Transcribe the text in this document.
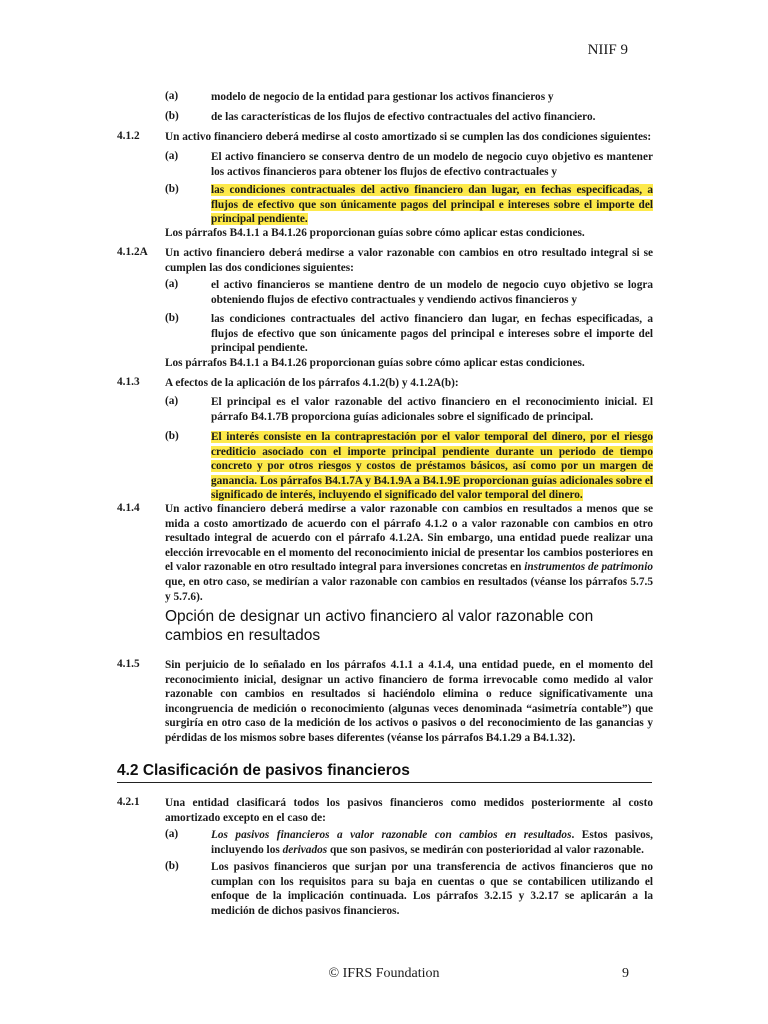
NIIF 9
(a)	modelo de negocio de la entidad para gestionar los activos financieros y
(b)	de las características de los flujos de efectivo contractuales del activo financiero.
4.1.2 Un activo financiero deberá medirse al costo amortizado si se cumplen las dos condiciones siguientes:
(a)	El activo financiero se conserva dentro de un modelo de negocio cuyo objetivo es mantener los activos financieros para obtener los flujos de efectivo contractuales y
(b)	las condiciones contractuales del activo financiero dan lugar, en fechas especificadas, a flujos de efectivo que son únicamente pagos del principal e intereses sobre el importe del principal pendiente.
Los párrafos B4.1.1 a B4.1.26 proporcionan guías sobre cómo aplicar estas condiciones.
4.1.2A Un activo financiero deberá medirse a valor razonable con cambios en otro resultado integral si se cumplen las dos condiciones siguientes:
(a)	el activo financieros se mantiene dentro de un modelo de negocio cuyo objetivo se logra obteniendo flujos de efectivo contractuales y vendiendo activos financieros y
(b)	las condiciones contractuales del activo financiero dan lugar, en fechas especificadas, a flujos de efectivo que son únicamente pagos del principal e intereses sobre el importe del principal pendiente.
Los párrafos B4.1.1 a B4.1.26 proporcionan guías sobre cómo aplicar estas condiciones.
4.1.3 A efectos de la aplicación de los párrafos 4.1.2(b) y 4.1.2A(b):
(a)	El principal es el valor razonable del activo financiero en el reconocimiento inicial. El párrafo B4.1.7B proporciona guías adicionales sobre el significado de principal.
(b)	El interés consiste en la contraprestación por el valor temporal del dinero, por el riesgo crediticio asociado con el importe principal pendiente durante un periodo de tiempo concreto y por otros riesgos y costos de préstamos básicos, así como por un margen de ganancia. Los párrafos B4.1.7A y B4.1.9A a B4.1.9E proporcionan guías adicionales sobre el significado de interés, incluyendo el significado del valor temporal del dinero.
4.1.4 Un activo financiero deberá medirse a valor razonable con cambios en resultados a menos que se mida a costo amortizado de acuerdo con el párrafo 4.1.2 o a valor razonable con cambios en otro resultado integral de acuerdo con el párrafo 4.1.2A. Sin embargo, una entidad puede realizar una elección irrevocable en el momento del reconocimiento inicial de presentar los cambios posteriores en el valor razonable en otro resultado integral para inversiones concretas en instrumentos de patrimonio que, en otro caso, se medirían a valor razonable con cambios en resultados (véanse los párrafos 5.7.5 y 5.7.6).
Opción de designar un activo financiero al valor razonable con cambios en resultados
4.1.5 Sin perjuicio de lo señalado en los párrafos 4.1.1 a 4.1.4, una entidad puede, en el momento del reconocimiento inicial, designar un activo financiero de forma irrevocable como medido al valor razonable con cambios en resultados si haciéndolo elimina o reduce significativamente una incongruencia de medición o reconocimiento (algunas veces denominada “asimetría contable”) que surgiría en otro caso de la medición de los activos o pasivos o del reconocimiento de las ganancias y pérdidas de los mismos sobre bases diferentes (véanse los párrafos B4.1.29 a B4.1.32).
4.2 Clasificación de pasivos financieros
4.2.1 Una entidad clasificará todos los pasivos financieros como medidos posteriormente al costo amortizado excepto en el caso de:
(a)	Los pasivos financieros a valor razonable con cambios en resultados. Estos pasivos, incluyendo los derivados que son pasivos, se medirán con posterioridad al valor razonable.
(b)	Los pasivos financieros que surjan por una transferencia de activos financieros que no cumplan con los requisitos para su baja en cuentas o que se contabilicen utilizando el enfoque de la implicación continuada. Los párrafos 3.2.15 y 3.2.17 se aplicarán a la medición de dichos pasivos financieros.
© IFRS Foundation	9
